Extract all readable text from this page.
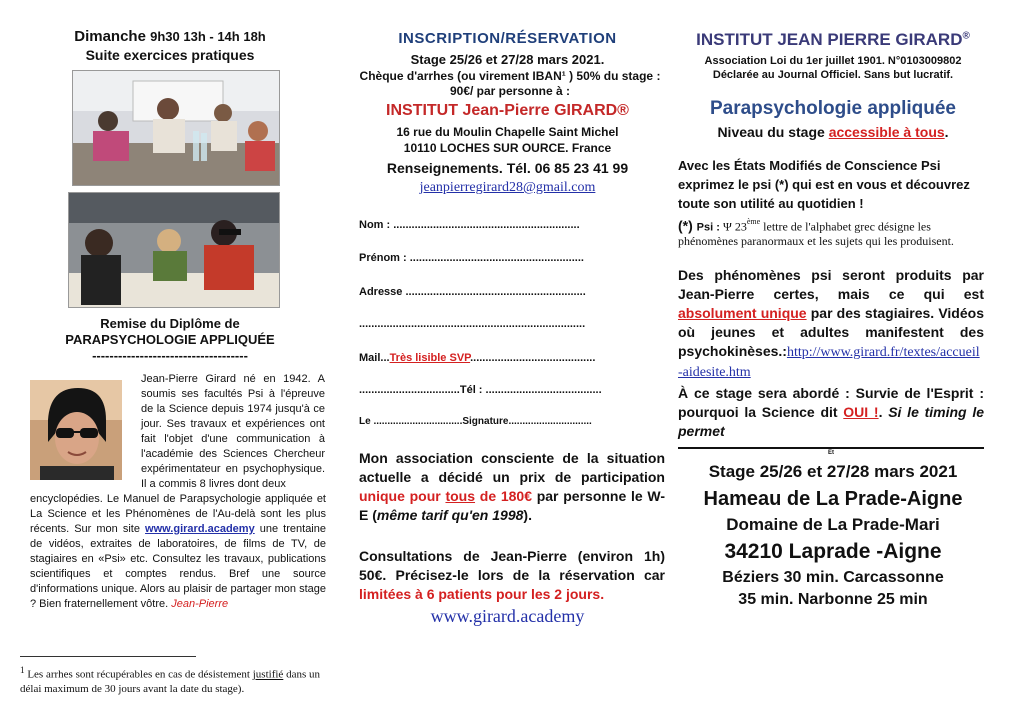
Dimanche 9h30 13h - 14h 18h
Suite exercices pratiques
Remise du Diplôme de
PARAPSYCHOLOGIE APPLIQUÉE
------------------------------------
Jean-Pierre Girard né en 1942. A soumis ses facultés Psi à l'épreuve de la Science depuis 1974 jusqu'à ce jour. Ses travaux et expériences ont fait l'objet d'une communication à l'académie des Sciences Chercheur expérimentateur en psychophysique. Il a commis 8 livres dont deux
encyclopédies. Le Manuel de Parapsychologie appliquée et La Science et les Phénomènes de l'Au-delà sont les plus récents. Sur mon site www.girard.academy une trentaine de vidéos, extraites de laboratoires, de films de TV, de stagiaires en «Psi» etc. Consultez les travaux, publications scientifiques et comptes rendus. Bref une source d'informations unique. Alors au plaisir de partager mon stage ? Bien fraternellement vôtre. Jean-Pierre
$^1$ Les arrhes sont récupérables en cas de désistement justifié dans un délai maximum de 30 jours avant la date du stage).
INSCRIPTION/RÉSERVATION
Stage 25/26 et 27/28 mars 2021.
Chèque d'arrhes (ou virement IBAN¹ ) 50% du stage : 90€/ par personne à :
INSTITUT Jean-Pierre GIRARD®
16 rue du Moulin Chapelle Saint Michel
10110 LOCHES SUR OURCE. France
Renseignements. Tél. 06 85 23 41 99
jeanpierregirard28@gmail.com
Nom : .............................................................
Prénom : .........................................................
Adresse ...........................................................
..........................................................................
Mail...Très lisible SVP.........................................
.................................Tél : ......................................
Le ................................Signature..............................
Mon association consciente de la situation actuelle a décidé un prix de participation unique pour tous de 180€ par personne le W-E (même tarif qu'en 1998).
Consultations de Jean-Pierre (environ 1h) 50€. Précisez-le lors de la réservation car limitées à 6 patients pour les 2 jours.
www.girard.academy
INSTITUT JEAN PIERRE GIRARD®
Association Loi du 1er juillet 1901. N°0103009802
Déclarée au Journal Officiel. Sans but lucratif.
Parapsychologie appliquée
Niveau du stage accessible à tous.
Avec les États Modifiés de Conscience Psi exprimez le psi (*) qui est en vous et découvrez toute son utilité au quotidien !
(*) Psi : Ψ 23ème lettre de l'alphabet grec désigne les phénomènes paranormaux et les sujets qui les produisent.
Des phénomènes psi seront produits par Jean-Pierre certes, mais ce qui est absolument unique par des stagiaires. Vidéos où jeunes et adultes manifestent des psychokinèses.:http://www.girard.fr/textes/accueil-aidesite.htm
À ce stage sera abordé : Survie de l'Esprit : pourquoi la Science dit OUI !. Si le timing le permet
Et
Stage 25/26 et 27/28 mars 2021
Hameau de La Prade-Aigne
Domaine de La Prade-Mari
34210 Laprade -Aigne
Béziers 30 min. Carcassonne
35 min. Narbonne 25 min
